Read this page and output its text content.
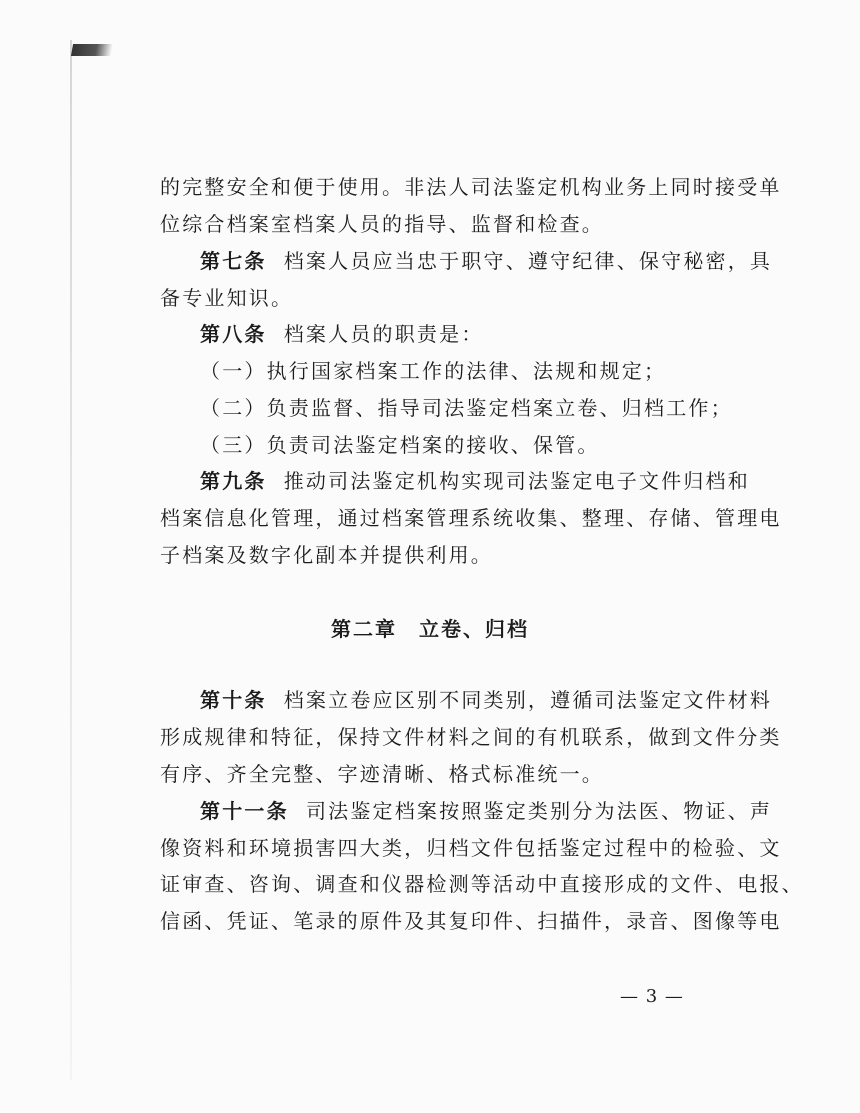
的完整安全和便于使用。非法人司法鉴定机构业务上同时接受单
位综合档案室档案人员的指导、监督和检查。
第七条 档案人员应当忠于职守、遵守纪律、保守秘密，具
备专业知识。
第八条 档案人员的职责是：
（一）执行国家档案工作的法律、法规和规定；
（二）负责监督、指导司法鉴定档案立卷、归档工作；
（三）负责司法鉴定档案的接收、保管。
第九条 推动司法鉴定机构实现司法鉴定电子文件归档和
档案信息化管理，通过档案管理系统收集、整理、存储、管理电
子档案及数字化副本并提供利用。
第二章 立卷、归档
第十条 档案立卷应区别不同类别，遵循司法鉴定文件材料
形成规律和特征，保持文件材料之间的有机联系，做到文件分类
有序、齐全完整、字迹清晰、格式标准统一。
第十一条 司法鉴定档案按照鉴定类别分为法医、物证、声
像资料和环境损害四大类，归档文件包括鉴定过程中的检验、文
证审查、咨询、调查和仪器检测等活动中直接形成的文件、电报、
信函、凭证、笔录的原件及其复印件、扫描件，录音、图像等电
— 3 —
